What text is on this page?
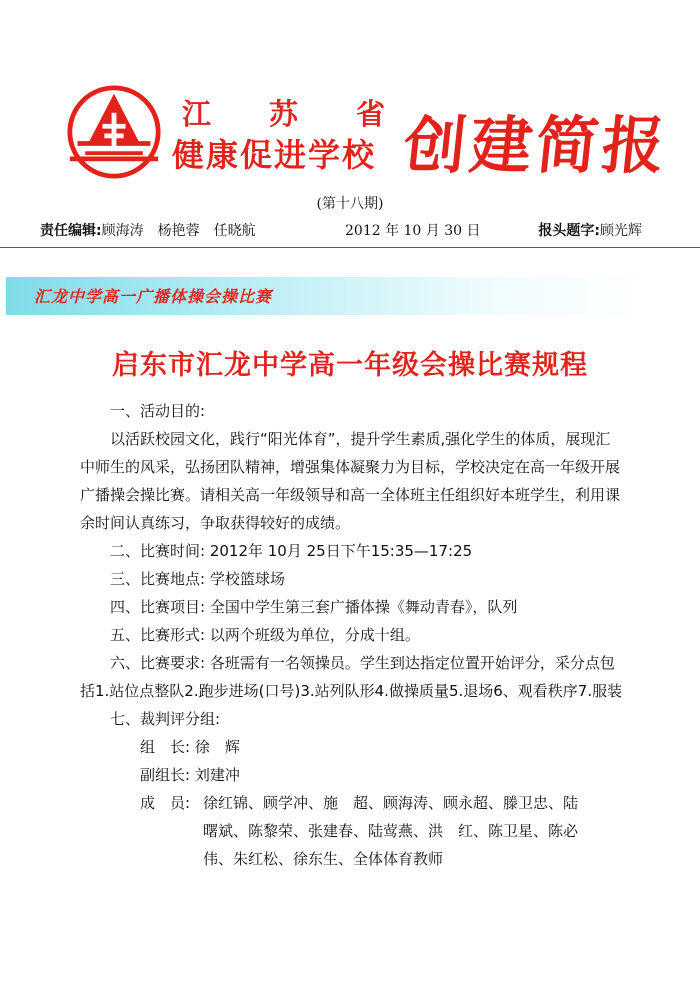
江苏省
健康促进学校 创建简报
(第十八期)
责任编辑:顾海涛　杨艳蓉　任晓航	2012 年 10 月 30 日	报头题字:顾光辉
汇龙中学高一广播体操会操比赛
启东市汇龙中学高一年级会操比赛规程

一、活动目的:

以活跃校园文化，践行“阳光体育”，提升学生素质,强化学生的体质，展现汇中师生的风采，弘扬团队精神，增强集体凝聚力为目标，学校决定在高一年级开展广播操会操比赛。请相关高一年级领导和高一全体班主任组织好本班学生，利用课余时间认真练习，争取获得较好的成绩。

二、比赛时间: 2012年 10月 25日下午15:35—17:25

三、比赛地点: 学校篮球场

四、比赛项目: 全国中学生第三套广播体操《舞动青春》，队列

五、比赛形式: 以两个班级为单位，分成十组。

六、比赛要求: 各班需有一名领操员。学生到达指定位置开始评分，采分点包括1.站位点整队2.跑步进场(口号)3.站列队形4.做操质量5.退场6、观看秩序7.服装

七、裁判评分组:

组　长: 徐　辉

副组长: 刘建冲

成　员: 徐红锦、顾学冲、施　超、顾海涛、顾永超、滕卫忠、陆曙斌、陈黎荣、张建春、陆莺燕、洪　红、陈卫星、陈必伟、朱红松、徐东生、全体体育教师
